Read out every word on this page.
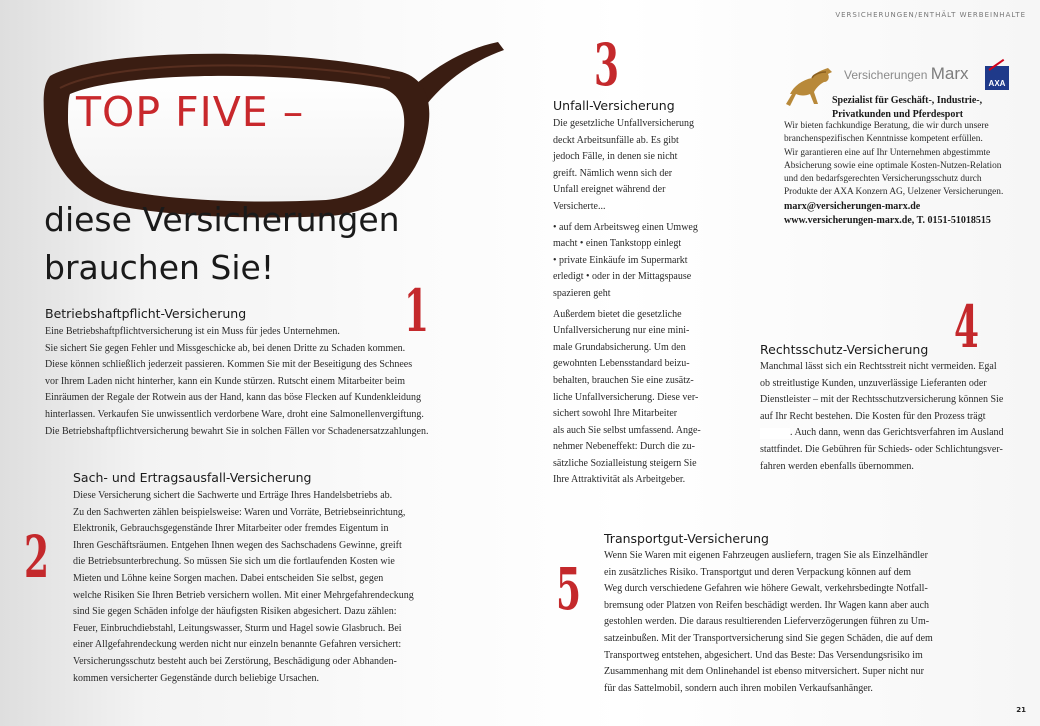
VERSICHERUNGEN/ENTHÄLT WERBEINHALTE
TOP FIVE –
diese Versicherungen
brauchen Sie!
1
Betriebshaftpflicht-Versicherung
Eine Betriebshaftpflichtversicherung ist ein Muss für jedes Unternehmen.
Sie sichert Sie gegen Fehler und Missgeschicke ab, bei denen Dritte zu Schaden kommen.
Diese können schließlich jederzeit passieren. Kommen Sie mit der Beseitigung des Schnees
vor Ihrem Laden nicht hinterher, kann ein Kunde stürzen. Rutscht einem Mitarbeiter beim
Einräumen der Regale der Rotwein aus der Hand, kann das böse Flecken auf Kundenkleidung
hinterlassen. Verkaufen Sie unwissentlich verdorbene Ware, droht eine Salmonellenvergiftung.
Die Betriebshaftpflichtversicherung bewahrt Sie in solchen Fällen vor Schadenersatzzahlungen.
2
Sach- und Ertragsausfall-Versicherung
Diese Versicherung sichert die Sachwerte und Erträge Ihres Handelsbetriebs ab.
Zu den Sachwerten zählen beispielsweise: Waren und Vorräte, Betriebseinrichtung,
Elektronik, Gebrauchsgegenstände Ihrer Mitarbeiter oder fremdes Eigentum in
Ihren Geschäftsräumen. Entgehen Ihnen wegen des Sachschadens Gewinne, greift
die Betriebsunterbrechung. So müssen Sie sich um die fortlaufenden Kosten wie
Mieten und Löhne keine Sorgen machen. Dabei entscheiden Sie selbst, gegen
welche Risiken Sie Ihren Betrieb versichern wollen. Mit einer Mehrgefahrendeckung
sind Sie gegen Schäden infolge der häufigsten Risiken abgesichert. Dazu zählen:
Feuer, Einbruchdiebstahl, Leitungswasser, Sturm und Hagel sowie Glasbruch. Bei
einer Allgefahrendeckung werden nicht nur einzeln benannte Gefahren versichert:
Versicherungsschutz besteht auch bei Zerstörung, Beschädigung oder Abhanden-
kommen versicherter Gegenstände durch beliebige Ursachen.
3
Unfall-Versicherung
Die gesetzliche Unfallversicherung
deckt Arbeitsunfälle ab. Es gibt
jedoch Fälle, in denen sie nicht
greift. Nämlich wenn sich der
Unfall ereignet während der
Versicherte...
• auf dem Arbeitsweg einen Umweg
macht • einen Tankstopp einlegt
• private Einkäufe im Supermarkt
erledigt • oder in der Mittagspause
spazieren geht
Außerdem bietet die gesetzliche
Unfallversicherung nur eine mini-
male Grundabsicherung. Um den
gewohnten Lebensstandard beizu-
behalten, brauchen Sie eine zusätz-
liche Unfallversicherung. Diese ver-
sichert sowohl Ihre Mitarbeiter
als auch Sie selbst umfassend. Ange-
nehmer Nebeneffekt: Durch die zu-
sätzliche Sozialleistung steigern Sie
Ihre Attraktivität als Arbeitgeber.
Versicherungen Marx
AXA
Spezialist für Geschäft-, Industrie-,
Privatkunden und Pferdesport
Wir bieten fachkundige Beratung, die wir durch unsere
branchenspezifischen Kenntnisse kompetent erfüllen.
Wir garantieren eine auf Ihr Unternehmen abgestimmte
Absicherung sowie eine optimale Kosten-Nutzen-Relation
und den bedarfsgerechten Versicherungsschutz durch
Produkte der AXA Konzern AG, Uelzener Versicherungen.
marx@versicherungen-marx.de
www.versicherungen-marx.de, T. 0151-51018515
4
Rechtsschutz-Versicherung
Manchmal lässt sich ein Rechtsstreit nicht vermeiden. Egal
ob streitlustige Kunden, unzuverlässige Lieferanten oder
Dienstleister – mit der Rechtsschutzversicherung können Sie
auf Ihr Recht bestehen. Die Kosten für den Prozess trägt
. Auch dann, wenn das Gerichtsverfahren im Ausland
stattfindet. Die Gebühren für Schieds- oder Schlichtungsver-
fahren werden ebenfalls übernommen.
5
Transportgut-Versicherung
Wenn Sie Waren mit eigenen Fahrzeugen ausliefern, tragen Sie als Einzelhändler
ein zusätzliches Risiko. Transportgut und deren Verpackung können auf dem
Weg durch verschiedene Gefahren wie höhere Gewalt, verkehrsbedingte Notfall-
bremsung oder Platzen von Reifen beschädigt werden. Ihr Wagen kann aber auch
gestohlen werden. Die daraus resultierenden Lieferverzögerungen führen zu Um-
satzeinbußen. Mit der Transportversicherung sind Sie gegen Schäden, die auf dem
Transportweg entstehen, abgesichert. Und das Beste: Das Versendungsrisiko im
Zusammenhang mit dem Onlinehandel ist ebenso mitversichert. Super nicht nur
für das Sattelmobil, sondern auch ihren mobilen Verkaufsanhänger.
21
